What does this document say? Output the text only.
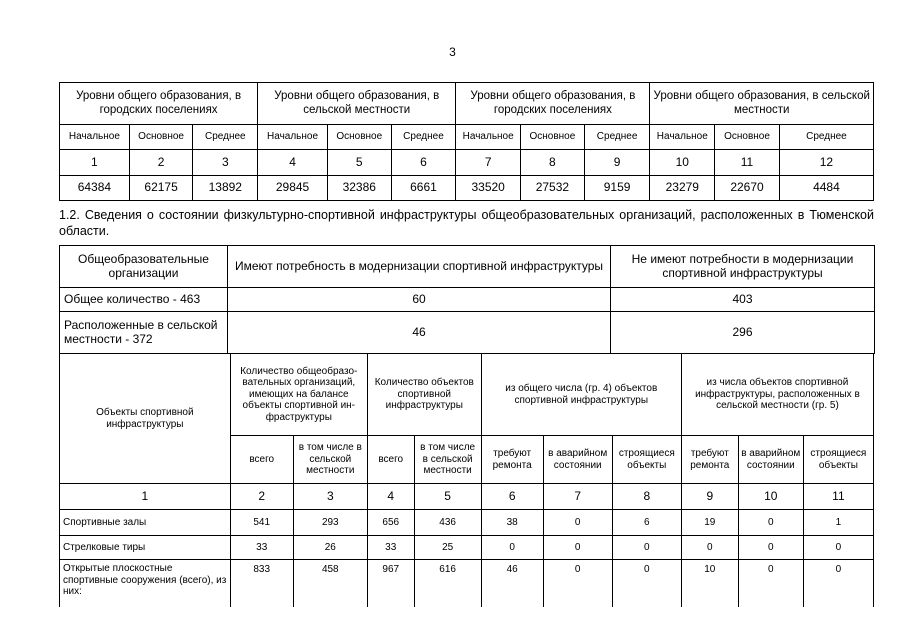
3
Уровни общего образования, в городских поселениях			Уровни общего образования, в сельской местности			Уровни общего образования, в городских поселениях			Уровни общего образования, в сельской местности		
Начальное	Основное	Среднее	Начальное	Основное	Среднее	Начальное	Основное	Среднее	Начальное	Основное	Среднее
1	2	3	4	5	6	7	8	9	10	11	12
64384	62175	13892	29845	32386	6661	33520	27532	9159	23279	22670	4484
1.2. Сведения о состоянии физкультурно-спортивной инфраструктуры общеобразовательных организаций, расположенных в Тюменской области.
Общеобразовательные организации	Имеют потребность в модернизации спортивной инфраструктуры	Не имеют потребности в модернизации спортивной инфраструктуры
Общее количество - 463	60	403
Расположенные в сельской местности - 372	46	296
Объекты спортивной инфраструктуры	Количество общеобразо-вательных организаций, имеющих на балансе объекты спортивной ин-фраструктуры		Количество объектов спортивной инфраструктуры		из общего числа (гр. 4) объектов спортивной инфраструктуры			из числа объектов спортивной инфраструктуры, расположенных в сельской местности (гр. 5)		
	всего	в том числе в сельской местности	всего	в том числе в сельской местности	требуют ремонта	в аварийном состоянии	строящиеся объекты	требуют ремонта	в аварийном состоянии	строящиеся объекты
1	2	3	4	5	6	7	8	9	10	11
Спортивные залы	541	293	656	436	38	0	6	19	0	1
Стрелковые тиры	33	26	33	25	0	0	0	0	0	0
Открытые плоскостные спортивные сооружения (всего), из них:	833	458	967	616	46	0	0	10	0	0
